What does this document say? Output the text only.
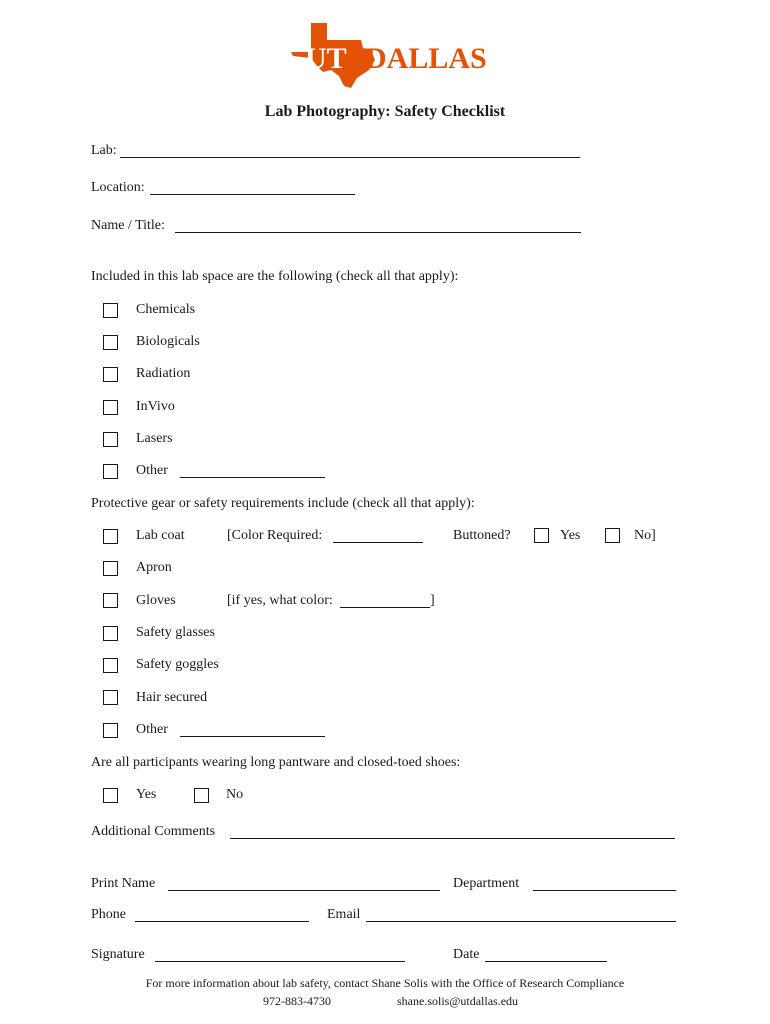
UT DALLAS
Lab Photography: Safety Checklist
Lab:
Location:
Name / Title:
Included in this lab space are the following (check all that apply):
Chemicals
Biologicals
Radiation
InVivo
Lasers
Other
Protective gear or safety requirements include (check all that apply):
Lab coat	[Color Required:	Buttoned?	Yes	No]
Apron
Gloves	[if yes, what color:	]
Safety glasses
Safety goggles
Hair secured
Other
Are all participants wearing long pantware and closed-toed shoes:
Yes	No
Additional Comments
Print Name	Department
Phone	Email
Signature	Date
For more information about lab safety, contact Shane Solis with the Office of Research Compliance
972-883-4730	shane.solis@utdallas.edu
